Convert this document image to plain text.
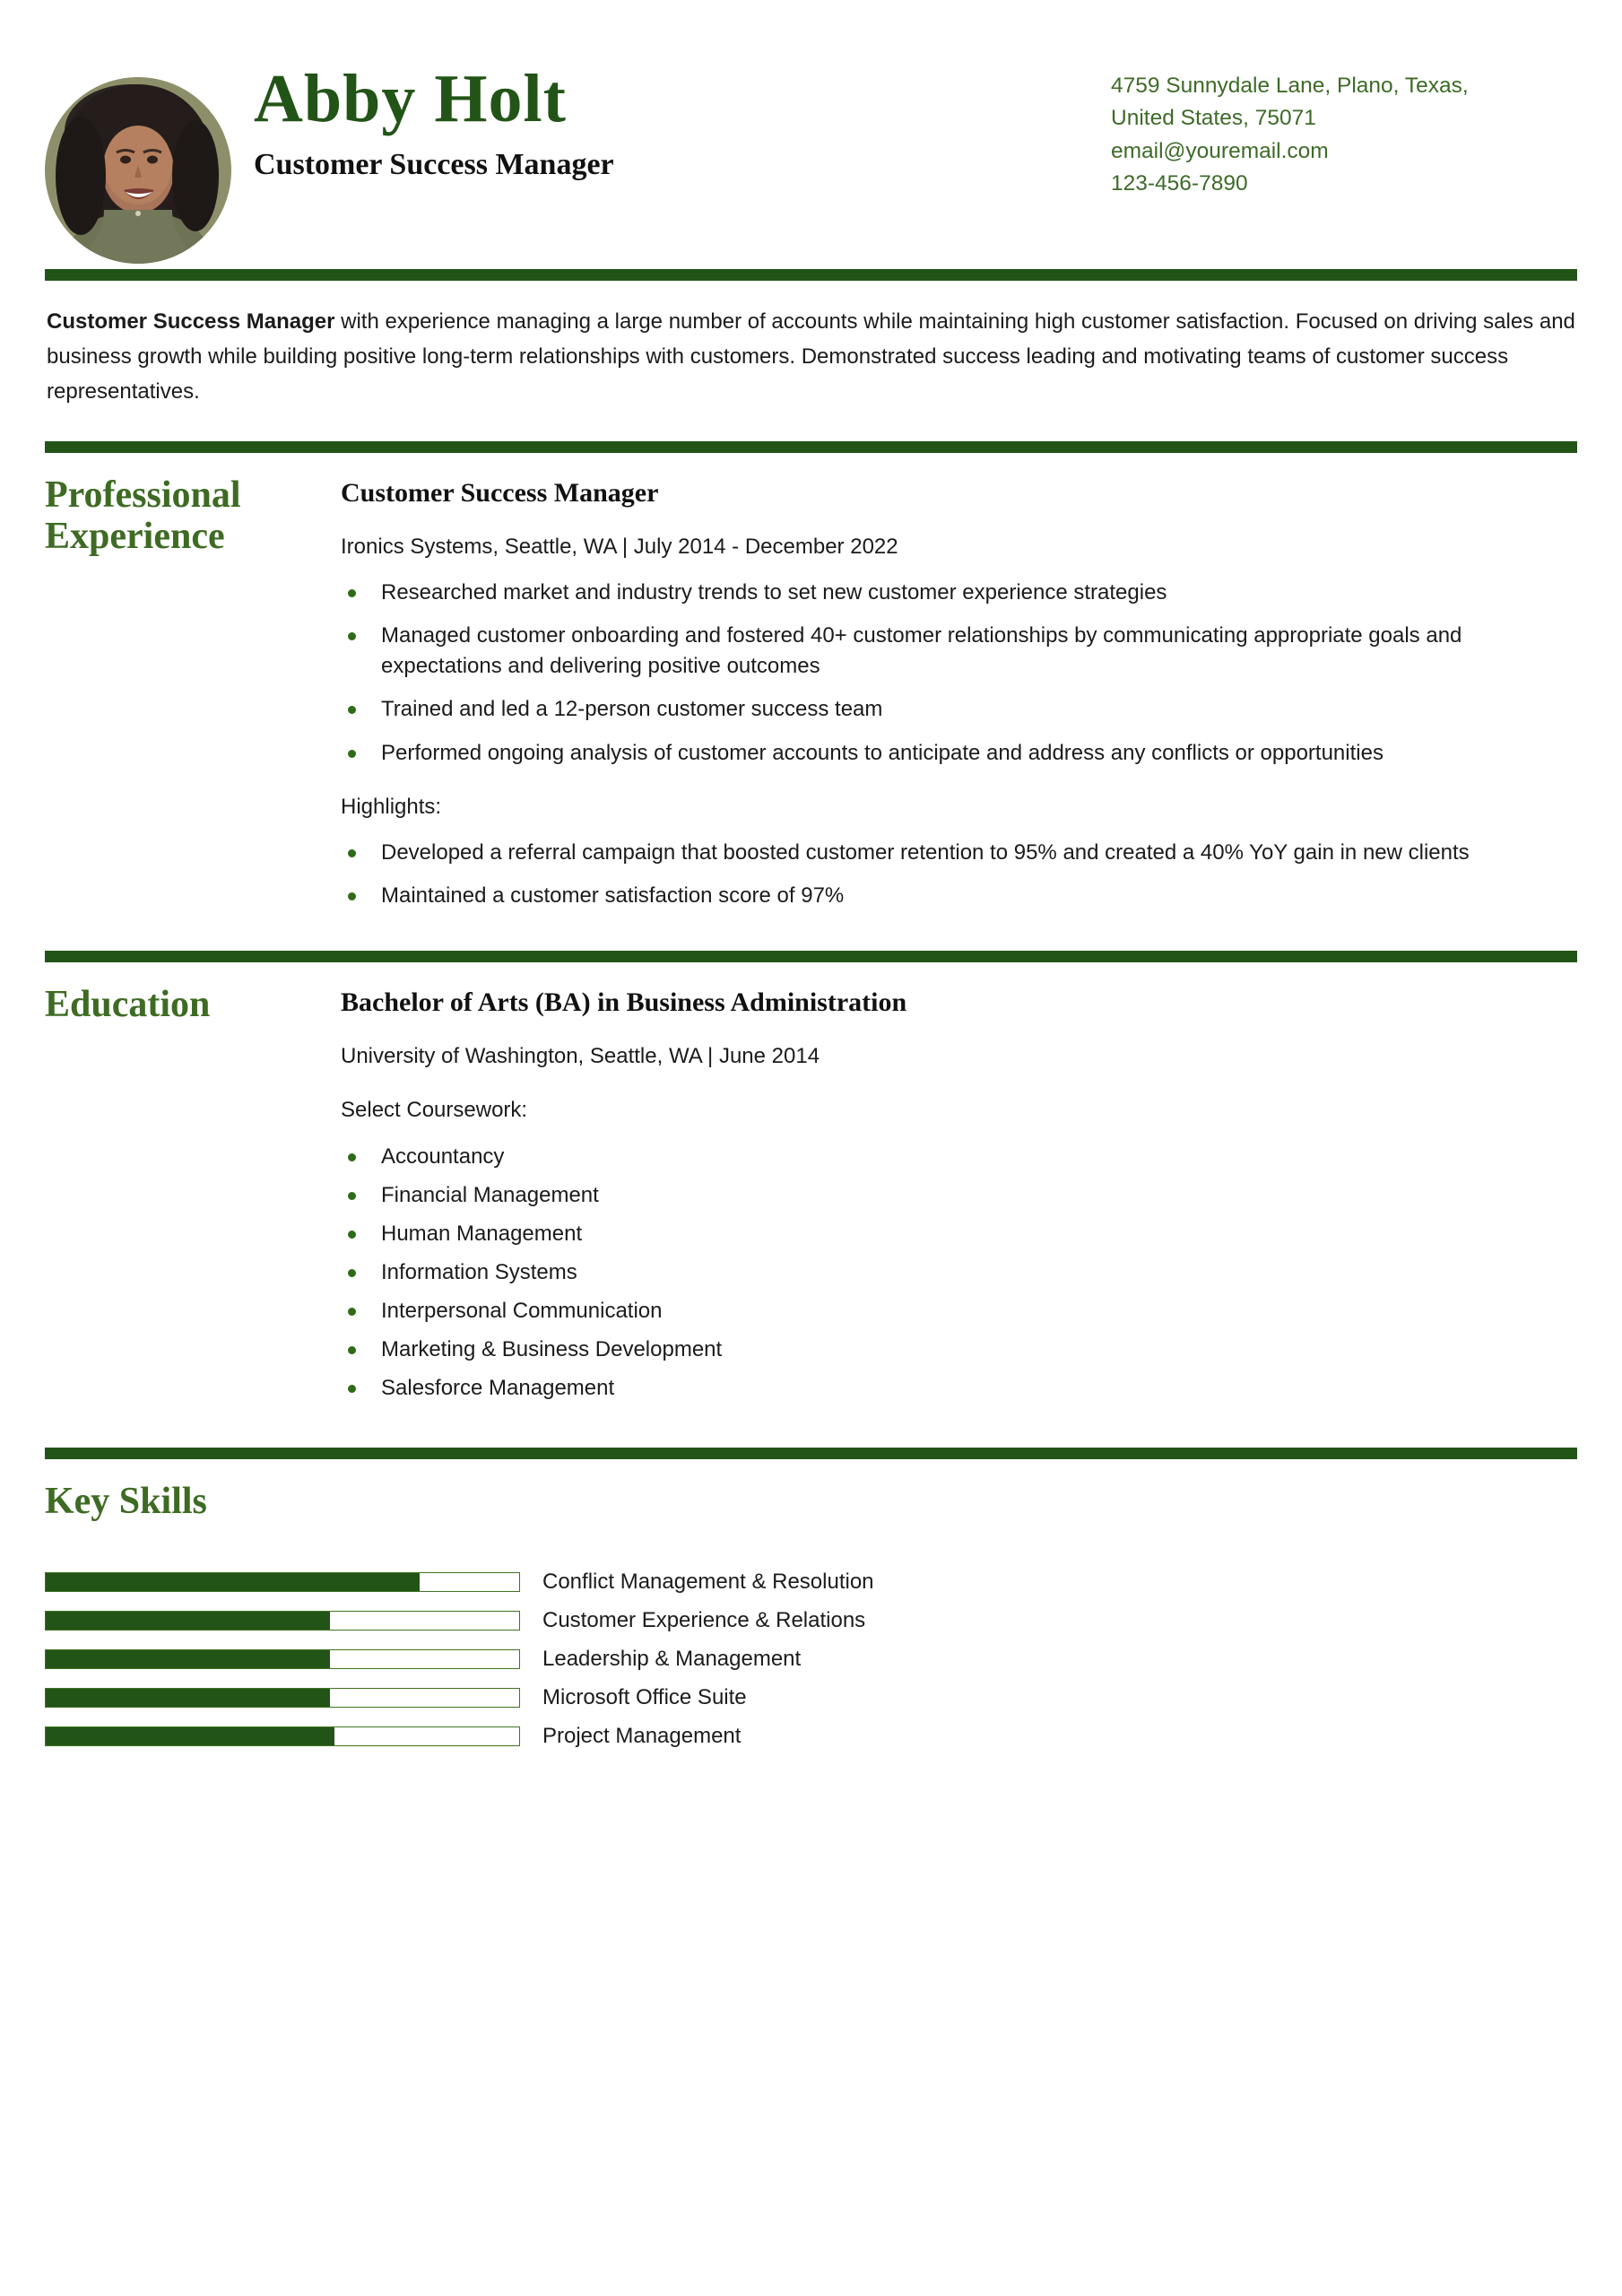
Abby Holt
Customer Success Manager
4759 Sunnydale Lane, Plano, Texas,
United States, 75071
email@youremail.com
123-456-7890
Customer Success Manager with experience managing a large number of accounts while maintaining high customer satisfaction. Focused on driving sales and business growth while building positive long-term relationships with customers. Demonstrated success leading and motivating teams of customer success representatives.
Professional Experience
Customer Success Manager
Ironics Systems, Seattle, WA | July 2014 - December 2022
Researched market and industry trends to set new customer experience strategies
Managed customer onboarding and fostered 40+ customer relationships by communicating appropriate goals and expectations and delivering positive outcomes
Trained and led a 12-person customer success team
Performed ongoing analysis of customer accounts to anticipate and address any conflicts or opportunities
Highlights:
Developed a referral campaign that boosted customer retention to 95% and created a 40% YoY gain in new clients
Maintained a customer satisfaction score of 97%
Education	Bachelor of Arts (BA) in Business Administration
University of Washington, Seattle, WA | June 2014
Select Coursework:
Accountancy
Financial Management
Human Management
Information Systems
Interpersonal Communication
Marketing & Business Development
Salesforce Management
Key Skills
Conflict Management & Resolution
Customer Experience & Relations
Leadership & Management
Microsoft Office Suite
Project Management
